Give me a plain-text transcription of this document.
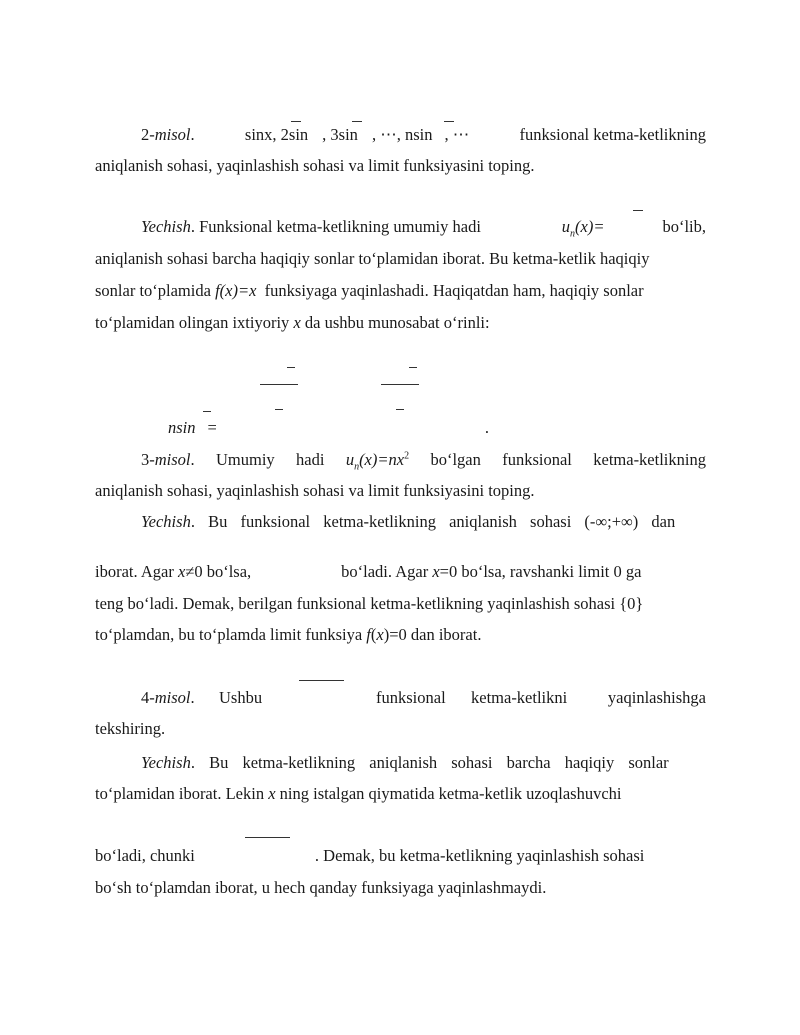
2-misol.	sinx, 2sin , 3sin , ⋯, nsin , ⋯	funksional ketma-ketlikning
aniqlanish sohasi, yaqinlashish sohasi va limit funksiyasini toping.
Yechish. Funksional ketma-ketlikning umumiy hadi	$u_n(x)=$	bo‘lib,
aniqlanish sohasi barcha haqiqiy sonlar to‘plamidan iborat. Bu ketma-ketlik haqiqiy
sonlar to‘plamida f(x)=x funksiyaga yaqinlashadi. Haqiqatdan ham, haqiqiy sonlar
to‘plamidan olingan ixtiyoriy x da ushbu munosabat o‘rinli:
nsin =	.
3-misol. Umumiy hadi $u_n(x)=nx^2$ bo‘lgan funksional ketma-ketlikning
aniqlanish sohasi, yaqinlashish sohasi va limit funksiyasini toping.
Yechish. Bu funksional ketma-ketlikning aniqlanish sohasi (-∞;+∞) dan
iborat. Agar x≠0 bo‘lsa,	bo‘ladi. Agar x=0 bo‘lsa, ravshanki limit 0 ga
teng bo‘ladi. Demak, berilgan funksional ketma-ketlikning yaqinlashish sohasi {0}
to‘plamdan, bu to‘plamda limit funksiya f(x)=0 dan iborat.
4-misol. Ushbu	funksional ketma-ketlikni yaqinlashishga
tekshiring.
Yechish. Bu ketma-ketlikning aniqlanish sohasi barcha haqiqiy sonlar
to‘plamidan iborat. Lekin x ning istalgan qiymatida ketma-ketlik uzoqlashuvchi
bo‘ladi, chunki	. Demak, bu ketma-ketlikning yaqinlashish sohasi
bo‘sh to‘plamdan iborat, u hech qanday funksiyaga yaqinlashmaydi.
